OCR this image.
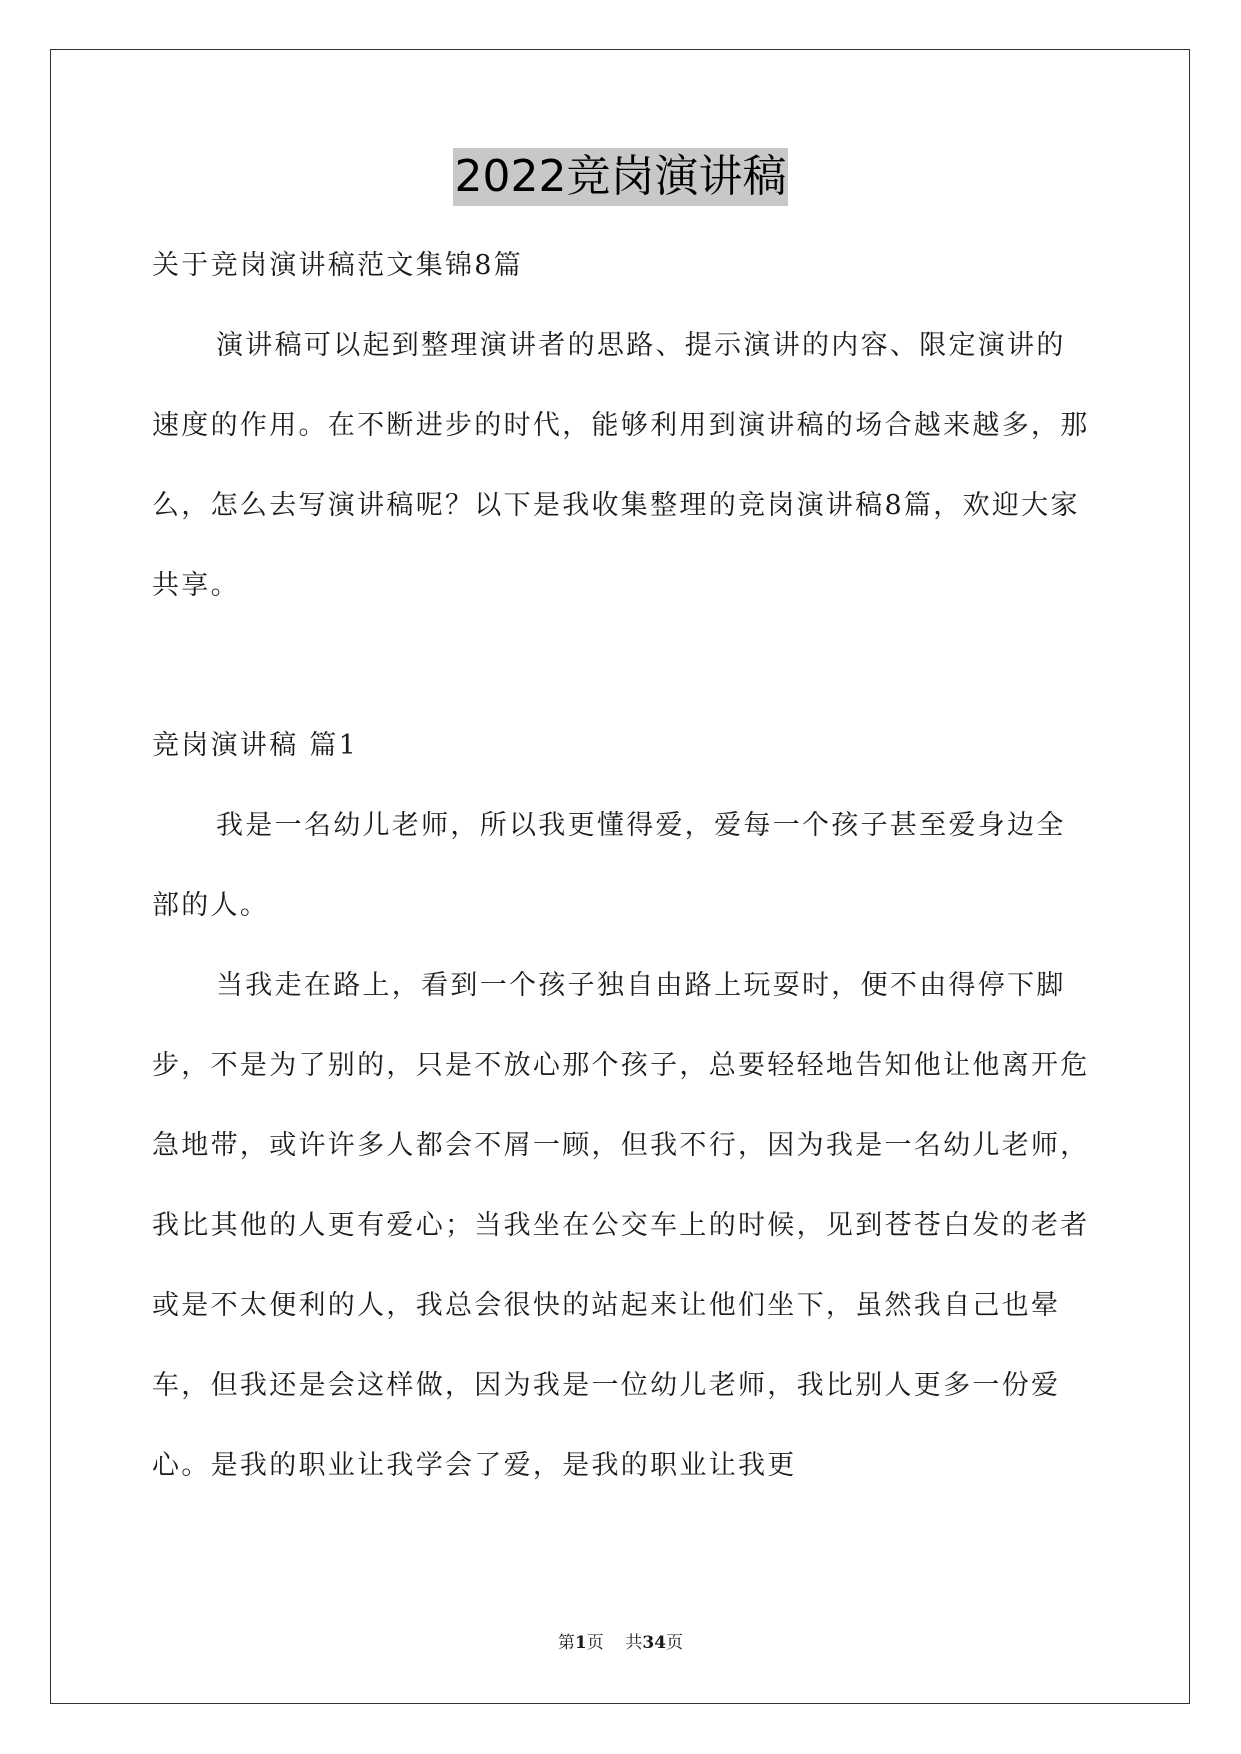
2022竞岗演讲稿

关于竞岗演讲稿范文集锦8篇

演讲稿可以起到整理演讲者的思路、提示演讲的内容、限定演讲的速度的作用。在不断进步的时代，能够利用到演讲稿的场合越来越多，那么，怎么去写演讲稿呢？以下是我收集整理的竞岗演讲稿8篇，欢迎大家共享。

竞岗演讲稿 篇1

我是一名幼儿老师，所以我更懂得爱，爱每一个孩子甚至爱身边全部的人。

当我走在路上，看到一个孩子独自由路上玩耍时，便不由得停下脚步，不是为了别的，只是不放心那个孩子，总要轻轻地告知他让他离开危急地带，或许许多人都会不屑一顾，但我不行，因为我是一名幼儿老师，我比其他的人更有爱心；当我坐在公交车上的时候，见到苍苍白发的老者或是不太便利的人，我总会很快的站起来让他们坐下，虽然我自己也晕车，但我还是会这样做，因为我是一位幼儿老师，我比别人更多一份爱心。是我的职业让我学会了爱，是我的职业让我更

第1页 共34页
